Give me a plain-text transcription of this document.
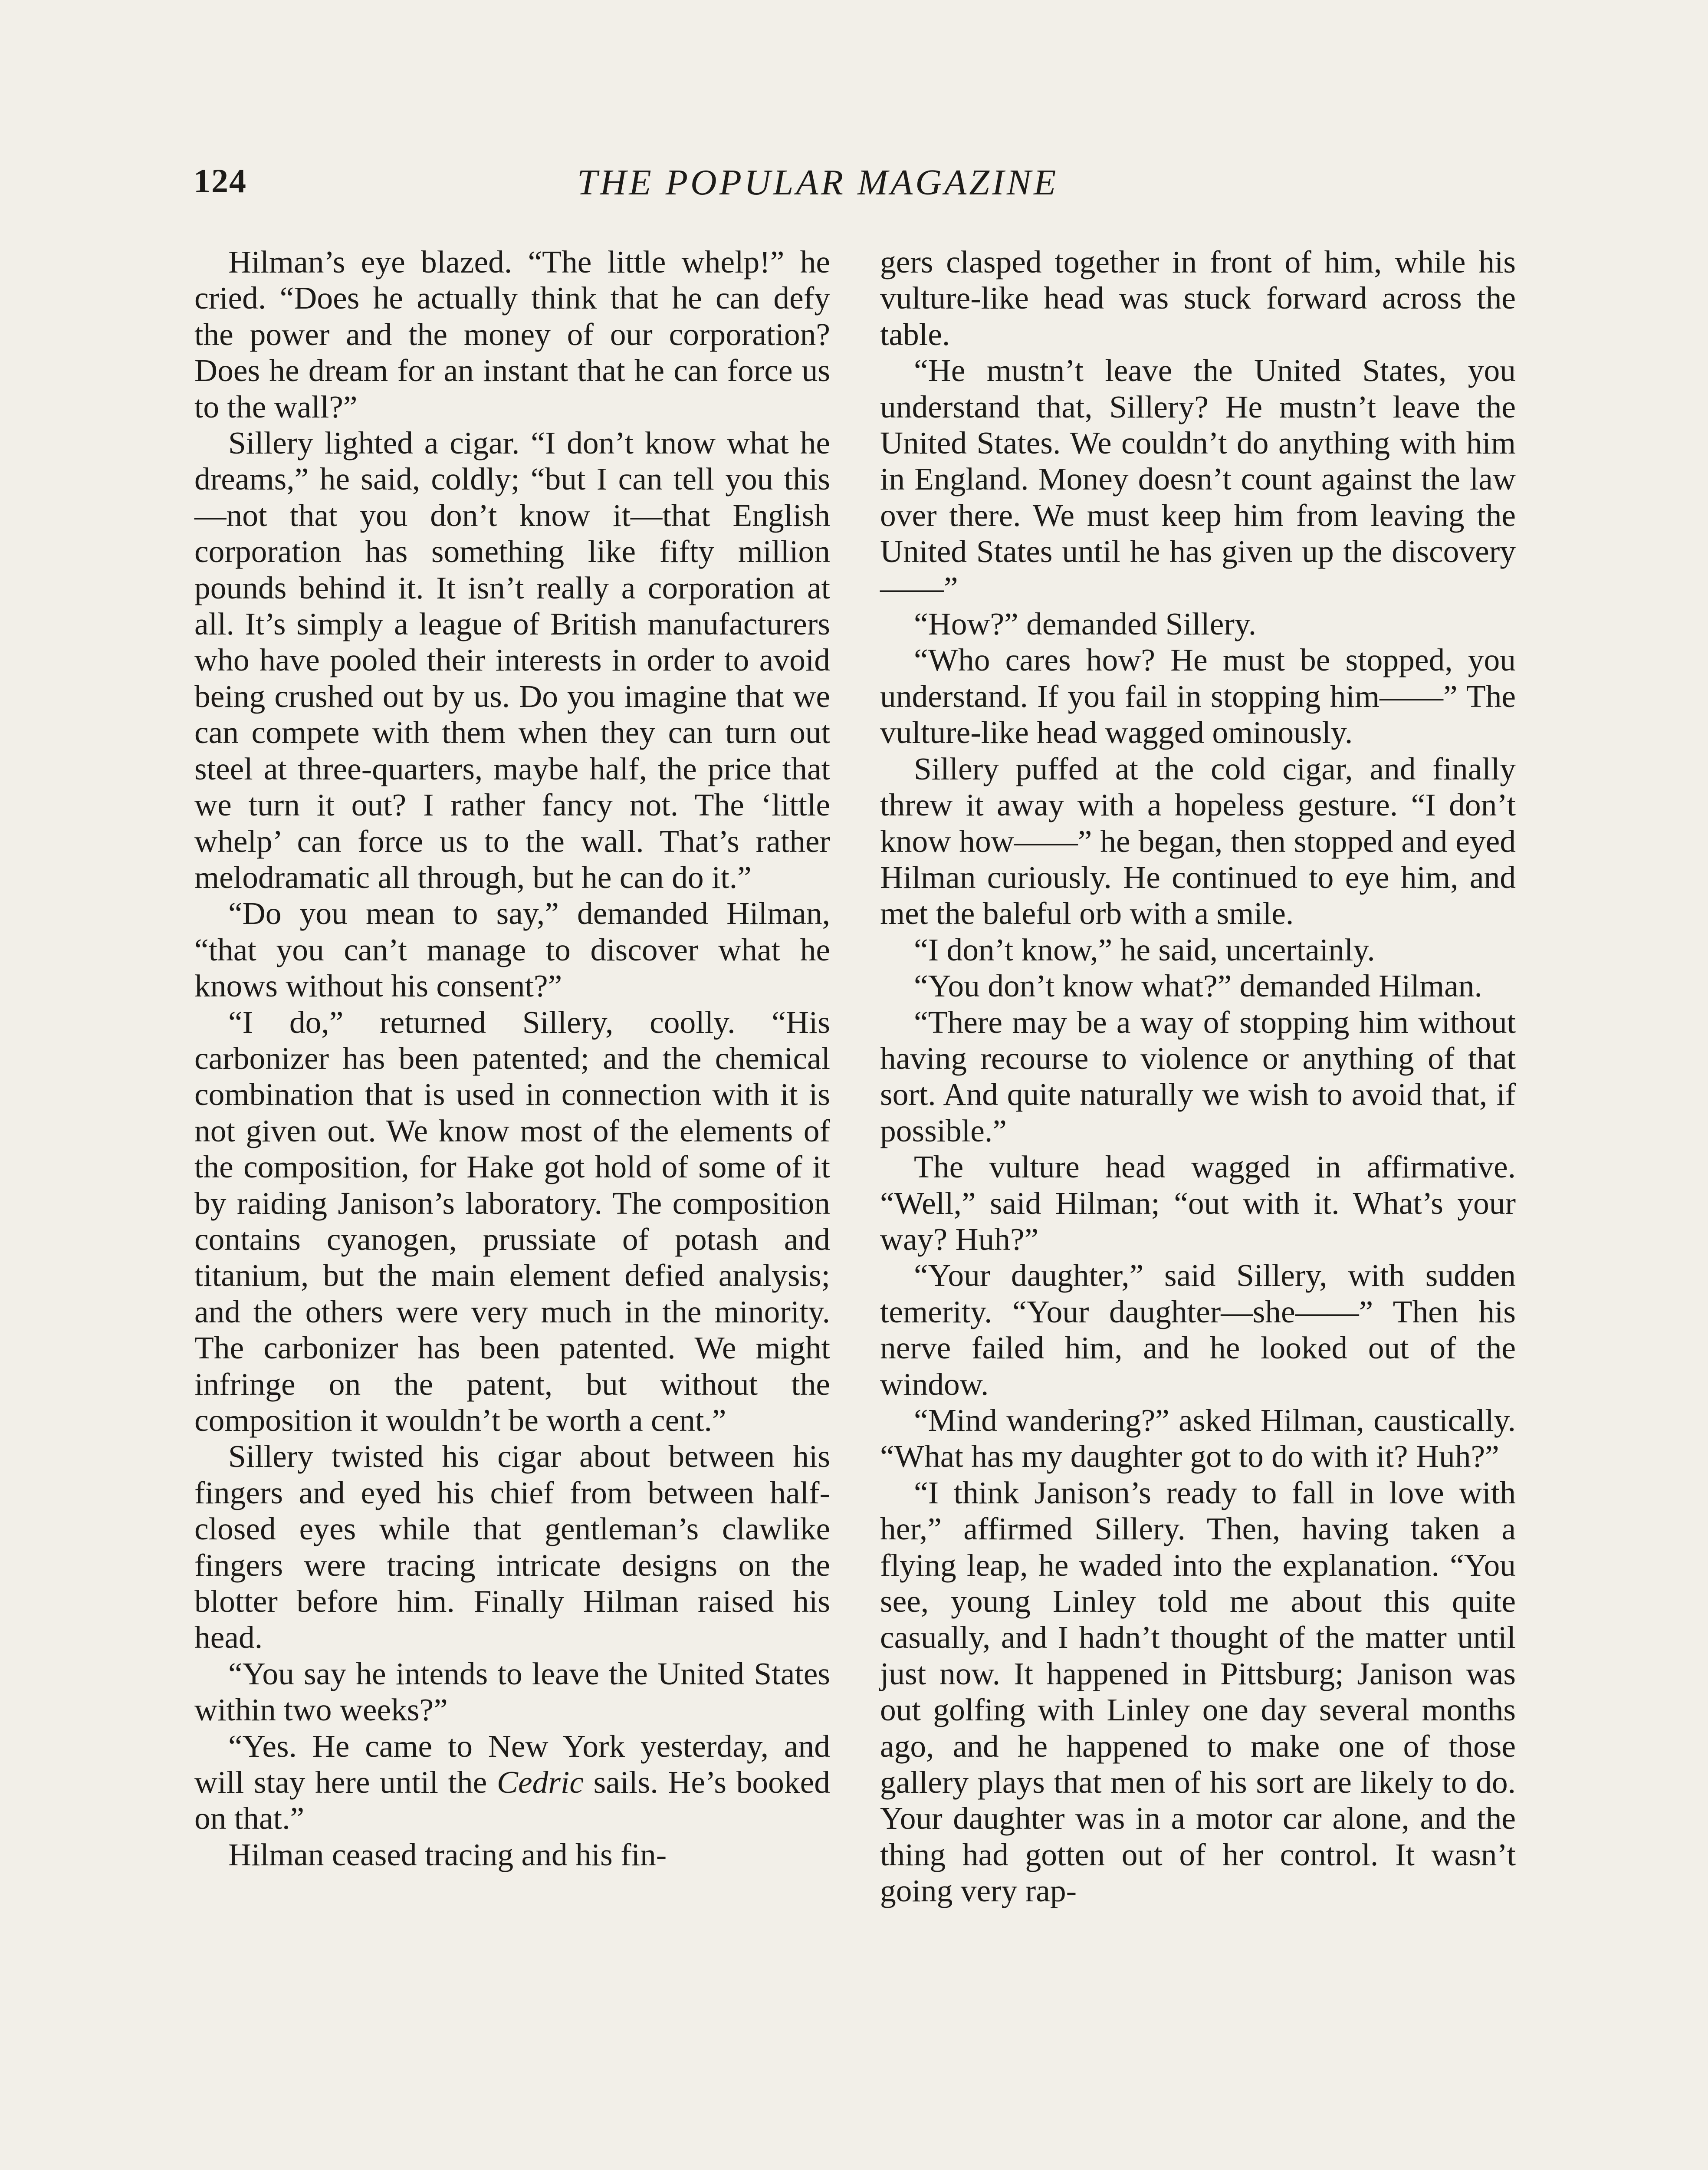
124	THE POPULAR MAGAZINE

Hilman’s eye blazed. “The little whelp!” he cried. “Does he actually think that he can defy the power and the money of our corporation? Does he dream for an instant that he can force us to the wall?”

Sillery lighted a cigar. “I don’t know what he dreams,” he said, coldly; “but I can tell you this—not that you don’t know it—that English corporation has something like fifty million pounds behind it. It isn’t really a corporation at all. It’s simply a league of British manufacturers who have pooled their interests in order to avoid being crushed out by us. Do you imagine that we can compete with them when they can turn out steel at three-quarters, maybe half, the price that we turn it out? I rather fancy not. The ‘little whelp’ can force us to the wall. That’s rather melodramatic all through, but he can do it.”

“Do you mean to say,” demanded Hilman, “that you can’t manage to discover what he knows without his consent?”

“I do,” returned Sillery, coolly. “His carbonizer has been patented; and the chemical combination that is used in connection with it is not given out. We know most of the elements of the composition, for Hake got hold of some of it by raiding Janison’s laboratory. The composition contains cyanogen, prussiate of potash and titanium, but the main element defied analysis; and the others were very much in the minority. The carbonizer has been patented. We might infringe on the patent, but without the composition it wouldn’t be worth a cent.”

Sillery twisted his cigar about between his fingers and eyed his chief from between half-closed eyes while that gentleman’s clawlike fingers were tracing intricate designs on the blotter before him. Finally Hilman raised his head.

“You say he intends to leave the United States within two weeks?”

“Yes. He came to New York yesterday, and will stay here until the Cedric sails. He’s booked on that.”

Hilman ceased tracing and his fin-

gers clasped together in front of him, while his vulture-like head was stuck forward across the table.

“He mustn’t leave the United States, you understand that, Sillery? He mustn’t leave the United States. We couldn’t do anything with him in England. Money doesn’t count against the law over there. We must keep him from leaving the United States until he has given up the discovery——”

“How?” demanded Sillery.

“Who cares how? He must be stopped, you understand. If you fail in stopping him——” The vulture-like head wagged ominously.

Sillery puffed at the cold cigar, and finally threw it away with a hopeless gesture. “I don’t know how——” he began, then stopped and eyed Hilman curiously. He continued to eye him, and met the baleful orb with a smile.

“I don’t know,” he said, uncertainly.

“You don’t know what?” demanded Hilman.

“There may be a way of stopping him without having recourse to violence or anything of that sort. And quite naturally we wish to avoid that, if possible.”

The vulture head wagged in affirmative. “Well,” said Hilman; “out with it. What’s your way? Huh?”

“Your daughter,” said Sillery, with sudden temerity. “Your daughter—she——” Then his nerve failed him, and he looked out of the window.

“Mind wandering?” asked Hilman, caustically. “What has my daughter got to do with it? Huh?”

“I think Janison’s ready to fall in love with her,” affirmed Sillery. Then, having taken a flying leap, he waded into the explanation. “You see, young Linley told me about this quite casually, and I hadn’t thought of the matter until just now. It happened in Pittsburg; Janison was out golfing with Linley one day several months ago, and he happened to make one of those gallery plays that men of his sort are likely to do. Your daughter was in a motor car alone, and the thing had gotten out of her control. It wasn’t going very rap-
